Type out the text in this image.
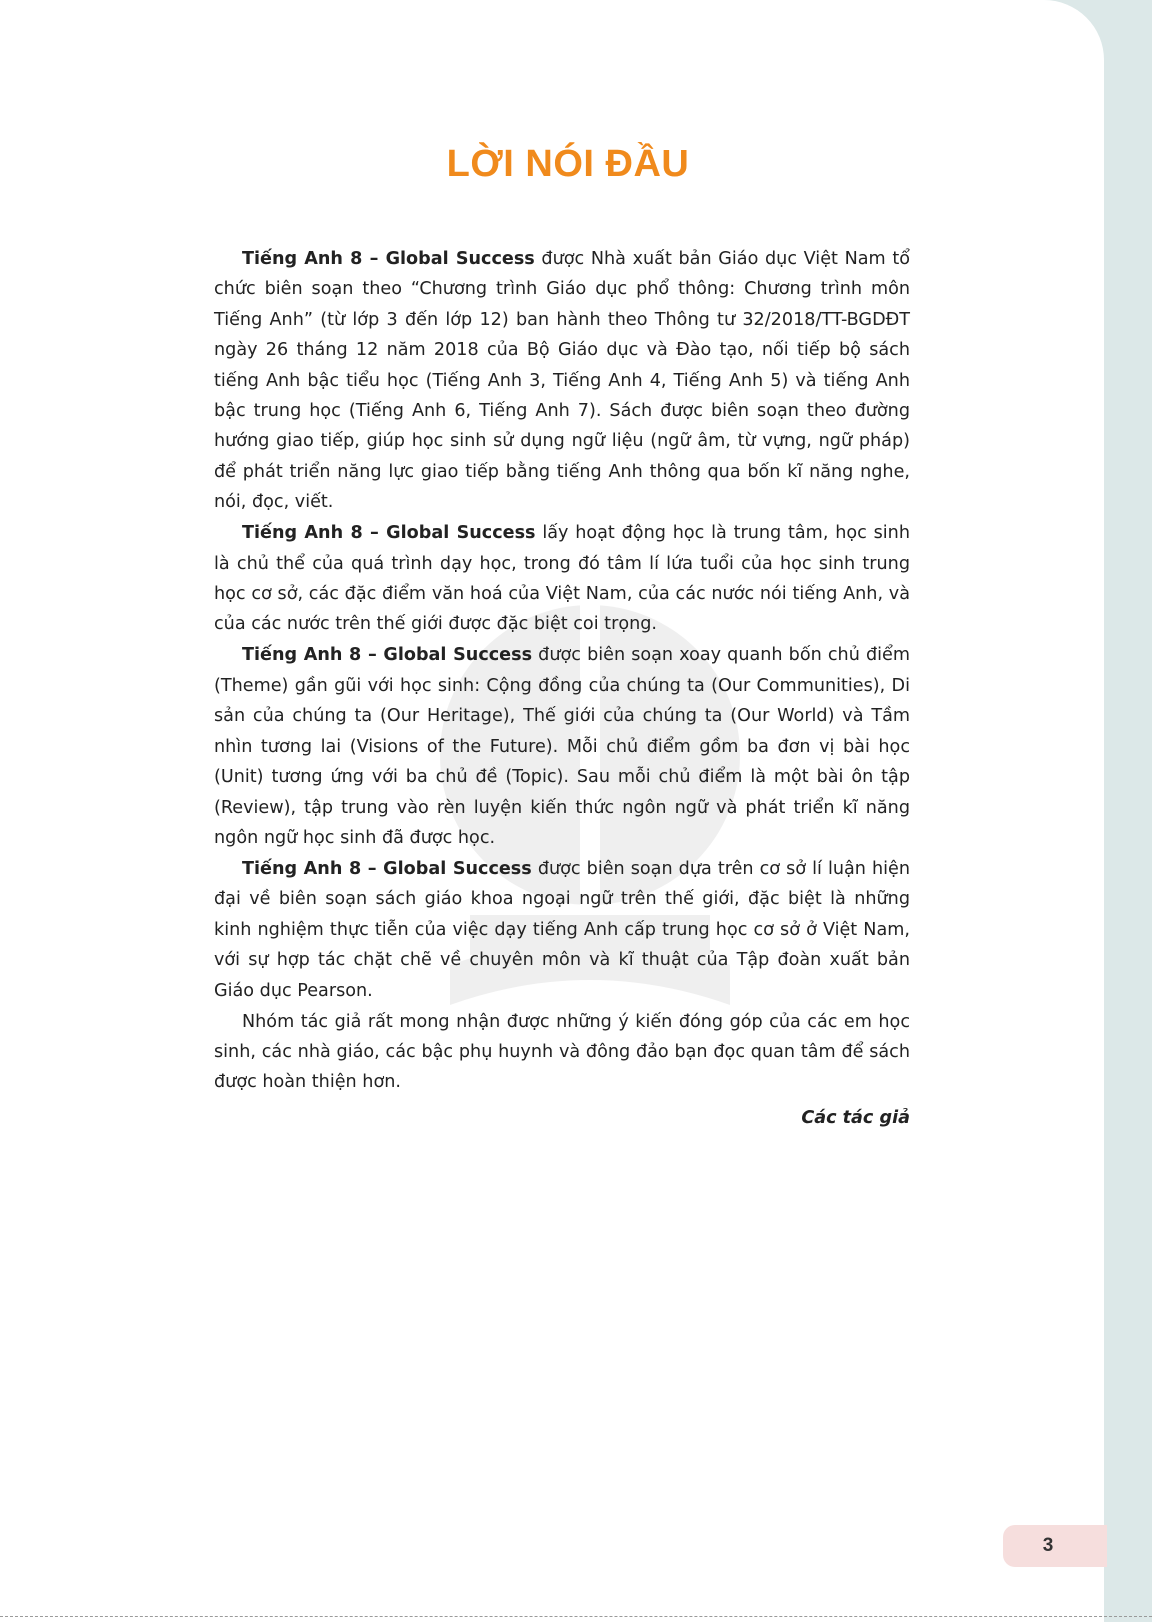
LỜI NÓI ĐẦU

Tiếng Anh 8 – Global Success được Nhà xuất bản Giáo dục Việt Nam tổ chức biên soạn theo “Chương trình Giáo dục phổ thông: Chương trình môn Tiếng Anh” (từ lớp 3 đến lớp 12) ban hành theo Thông tư 32/2018/TT-BGDĐT ngày 26 tháng 12 năm 2018 của Bộ Giáo dục và Đào tạo, nối tiếp bộ sách tiếng Anh bậc tiểu học (Tiếng Anh 3, Tiếng Anh 4, Tiếng Anh 5) và tiếng Anh bậc trung học (Tiếng Anh 6, Tiếng Anh 7). Sách được biên soạn theo đường hướng giao tiếp, giúp học sinh sử dụng ngữ liệu (ngữ âm, từ vựng, ngữ pháp) để phát triển năng lực giao tiếp bằng tiếng Anh thông qua bốn kĩ năng nghe, nói, đọc, viết.

Tiếng Anh 8 – Global Success lấy hoạt động học là trung tâm, học sinh là chủ thể của quá trình dạy học, trong đó tâm lí lứa tuổi của học sinh trung học cơ sở, các đặc điểm văn hoá của Việt Nam, của các nước nói tiếng Anh, và của các nước trên thế giới được đặc biệt coi trọng.

Tiếng Anh 8 – Global Success được biên soạn xoay quanh bốn chủ điểm (Theme) gần gũi với học sinh: Cộng đồng của chúng ta (Our Communities), Di sản của chúng ta (Our Heritage), Thế giới của chúng ta (Our World) và Tầm nhìn tương lai (Visions of the Future). Mỗi chủ điểm gồm ba đơn vị bài học (Unit) tương ứng với ba chủ đề (Topic). Sau mỗi chủ điểm là một bài ôn tập (Review), tập trung vào rèn luyện kiến thức ngôn ngữ và phát triển kĩ năng ngôn ngữ học sinh đã được học.

Tiếng Anh 8 – Global Success được biên soạn dựa trên cơ sở lí luận hiện đại về biên soạn sách giáo khoa ngoại ngữ trên thế giới, đặc biệt là những kinh nghiệm thực tiễn của việc dạy tiếng Anh cấp trung học cơ sở ở Việt Nam, với sự hợp tác chặt chẽ về chuyên môn và kĩ thuật của Tập đoàn xuất bản Giáo dục Pearson.

Nhóm tác giả rất mong nhận được những ý kiến đóng góp của các em học sinh, các nhà giáo, các bậc phụ huynh và đông đảo bạn đọc quan tâm để sách được hoàn thiện hơn.

Các tác giả

3
